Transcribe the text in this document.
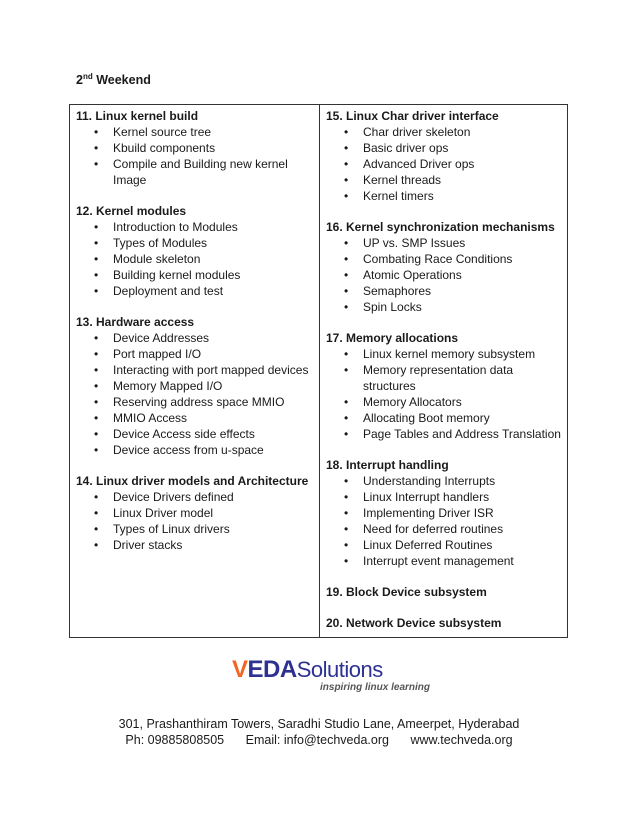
2nd Weekend
11. Linux kernel build
• Kernel source tree
• Kbuild components
• Compile and Building new kernel Image
12. Kernel modules
• Introduction to Modules
• Types of Modules
• Module skeleton
• Building kernel modules
• Deployment and test
13. Hardware access
• Device Addresses
• Port mapped I/O
• Interacting with port mapped devices
• Memory Mapped I/O
• Reserving address space MMIO
• MMIO Access
• Device Access side effects
• Device access from u-space
14. Linux driver models and Architecture
• Device Drivers defined
• Linux Driver model
• Types of Linux drivers
• Driver stacks
15. Linux Char driver interface
• Char driver skeleton
• Basic driver ops
• Advanced Driver ops
• Kernel threads
• Kernel timers
16. Kernel synchronization mechanisms
• UP vs. SMP Issues
• Combating Race Conditions
• Atomic Operations
• Semaphores
• Spin Locks
17. Memory allocations
• Linux kernel memory subsystem
• Memory representation data structures
• Memory Allocators
• Allocating Boot memory
• Page Tables and Address Translation
18. Interrupt handling
• Understanding Interrupts
• Linux Interrupt handlers
• Implementing Driver ISR
• Need for deferred routines
• Linux Deferred Routines
• Interrupt event management
19. Block Device subsystem
20. Network Device subsystem
VEDASolutions
inspiring linux learning
301, Prashanthiram Towers, Saradhi Studio Lane, Ameerpet, Hyderabad
Ph: 09885808505 Email: info@techveda.org www.techveda.org
